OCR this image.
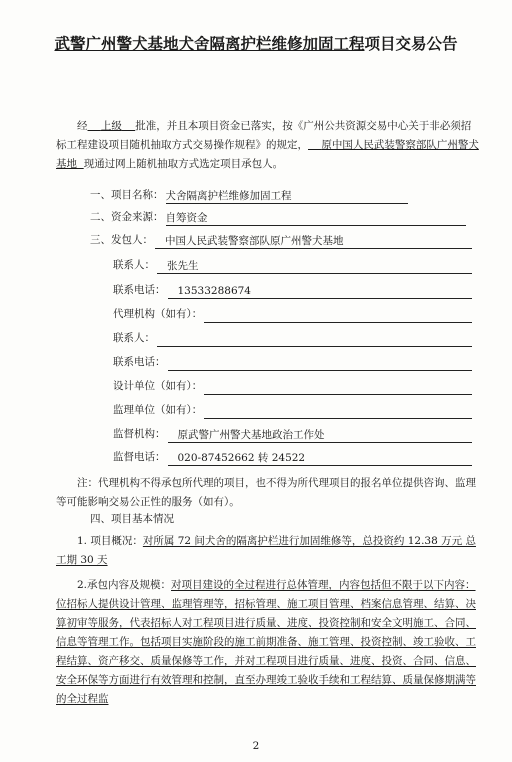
武警广州警犬基地犬舍隔离护栏维修加固工程项目交易公告
经 上级 批准，并且本项目资金已落实，按《广州公共资源交易中心关于非必须招标工程建设项目随机抽取方式交易操作规程》的规定， 原中国人民武装警察部队广州警犬基地 现通过网上随机抽取方式选定项目承包人。
一、项目名称： 犬舍隔离护栏维修加固工程
二、资金来源： 自筹资金
三、发包人：	中国人民武装警察部队原广州警犬基地
联系人：	张先生
联系电话：	13533288674
代理机构（如有）：
联系人：
联系电话：
设计单位（如有）：
监理单位（如有）：
监督机构：	原武警广州警犬基地政治工作处
监督电话：	020-87452662 转 24522
注：代理机构不得承包所代理的项目，也不得为所代理项目的报名单位提供咨询、监理等可能影响交易公正性的服务（如有）。
四、项目基本情况
1. 项目概况：对所属 72 间犬舍的隔离护栏进行加固维修等，总投资约 12.38 万元 总工期 30 天
2.承包内容及规模：对项目建设的全过程进行总体管理，内容包括但不限于以下内容：位招标人提供设计管理、监理管理等，招标管理、施工项目管理、档案信息管理、结算、决算初审等服务，代表招标人对工程项目进行质量、进度、投资控制和安全文明施工、合同、信息等管理工作。包括项目实施阶段的施工前期准备、施工管理、投资控制、竣工验收、工程结算、资产移交、质量保修等工作，并对工程项目进行质量、进度、投资、合同、信息、安全环保等方面进行有效管理和控制，直至办理竣工验收手续和工程结算、质量保修期满等的全过程监
2
